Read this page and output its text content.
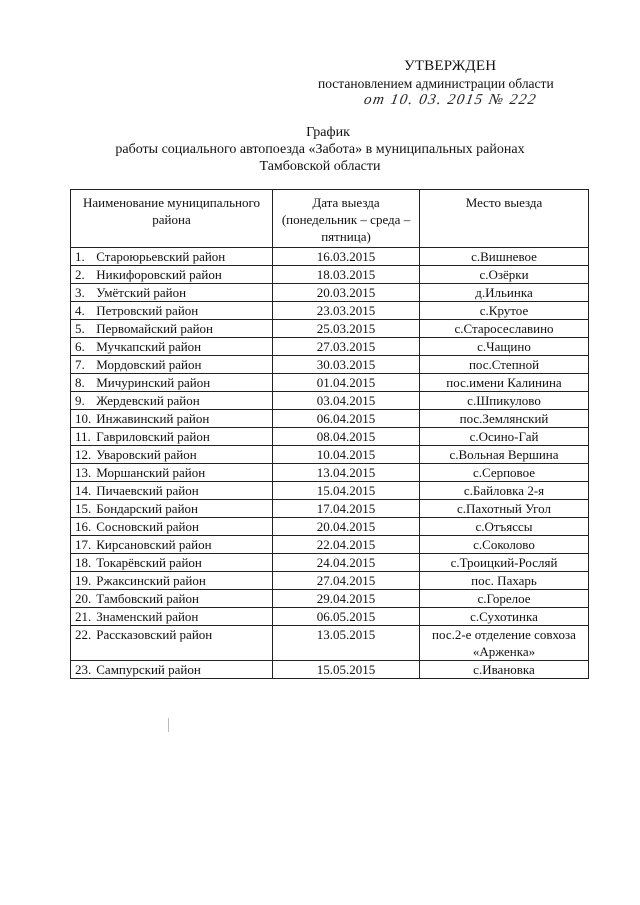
УТВЕРЖДЕН
постановлением администрации области
от 10. 03. 2015 № 222
График
работы социального автопоезда «Забота» в муниципальных районах
Тамбовской области
Наименование муниципального района	Дата выезда (понедельник – среда – пятница)	Место выезда
1. Староюрьевский район	16.03.2015	с.Вишневое
2. Никифоровский район	18.03.2015	с.Озёрки
3. Умётский район	20.03.2015	д.Ильинка
4. Петровский район	23.03.2015	с.Крутое
5. Первомайский район	25.03.2015	с.Старосеславино
6. Мучкапский район	27.03.2015	с.Чащино
7. Мордовский район	30.03.2015	пос.Степной
8. Мичуринский район	01.04.2015	пос.имени Калинина
9. Жердевский район	03.04.2015	с.Шпикулово
10. Инжавинский район	06.04.2015	пос.Землянский
11. Гавриловский район	08.04.2015	с.Осино-Гай
12. Уваровский район	10.04.2015	с.Вольная Вершина
13. Моршанский район	13.04.2015	с.Серповое
14. Пичаевский район	15.04.2015	с.Байловка 2-я
15. Бондарский район	17.04.2015	с.Пахотный Угол
16. Сосновский район	20.04.2015	с.Отъяссы
17. Кирсановский район	22.04.2015	с.Соколово
18. Токарёвский район	24.04.2015	с.Троицкий-Росляй
19. Ржаксинский район	27.04.2015	пос. Пахарь
20. Тамбовский район	29.04.2015	с.Горелое
21. Знаменский район	06.05.2015	с.Сухотинка
22. Рассказовский район	13.05.2015	пос.2-е отделение совхоза «Арженка»
23. Сампурский район	15.05.2015	с.Ивановка
